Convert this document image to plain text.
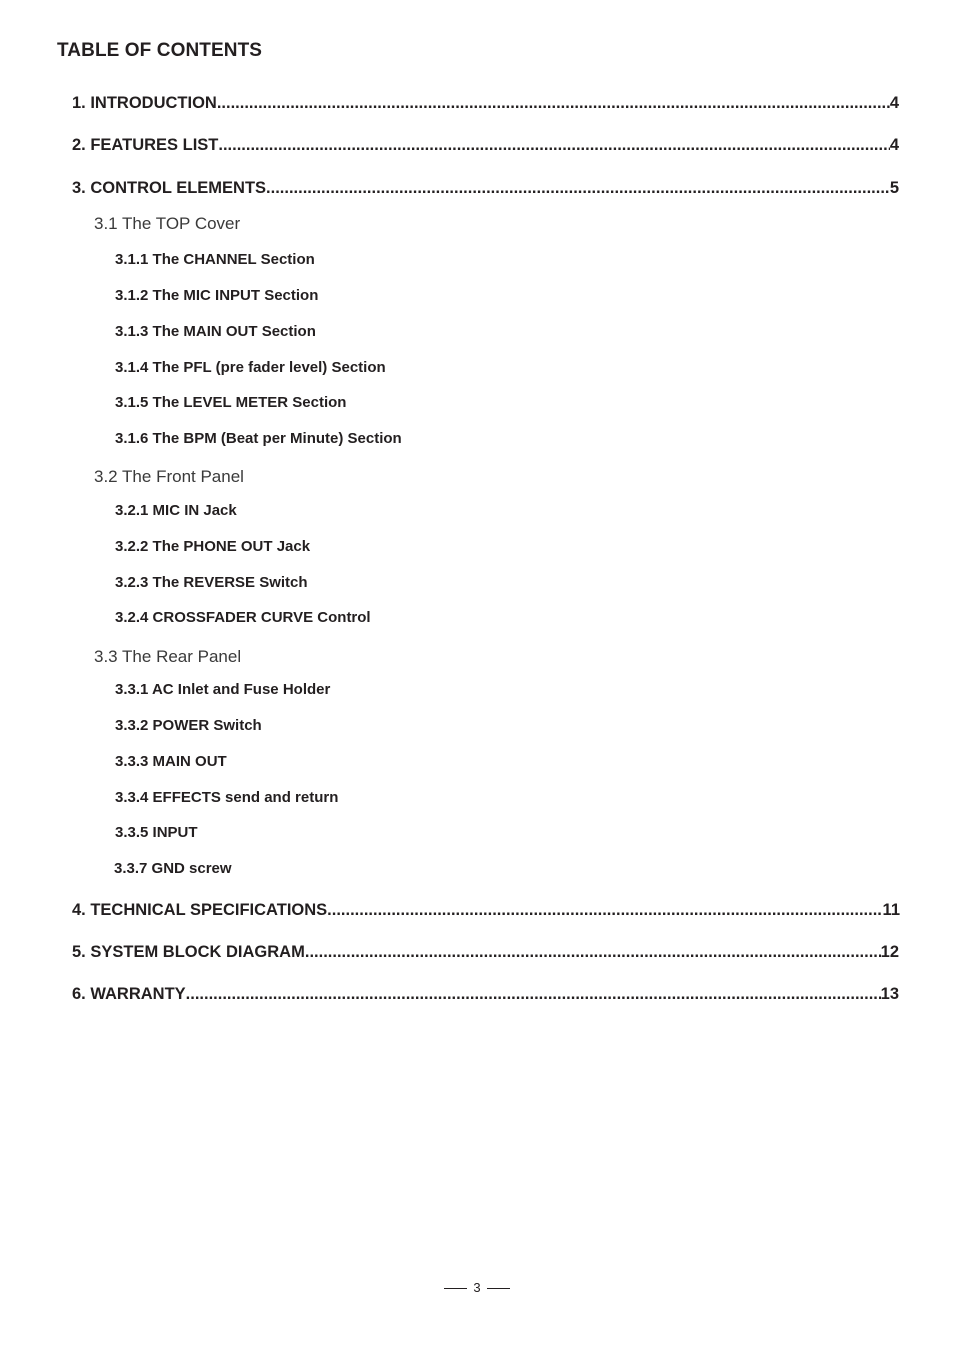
TABLE OF CONTENTS
1. INTRODUCTION .....	4
2. FEATURES LIST .....	4
3. CONTROL ELEMENTS .....	5
3.1 The TOP Cover
3.1.1 The CHANNEL Section
3.1.2 The MIC INPUT Section
3.1.3 The MAIN OUT Section
3.1.4 The PFL (pre fader level) Section
3.1.5 The LEVEL METER Section
3.1.6 The BPM (Beat per Minute) Section
3.2 The Front Panel
3.2.1 MIC IN Jack
3.2.2 The PHONE OUT Jack
3.2.3 The REVERSE Switch
3.2.4 CROSSFADER CURVE Control
3.3 The Rear Panel
3.3.1 AC Inlet and Fuse Holder
3.3.2 POWER Switch
3.3.3 MAIN OUT
3.3.4 EFFECTS send and return
3.3.5 INPUT
3.3.7 GND screw
4. TECHNICAL SPECIFICATIONS .....	11
5. SYSTEM BLOCK DIAGRAM .....	12
6. WARRANTY .....	13
3
